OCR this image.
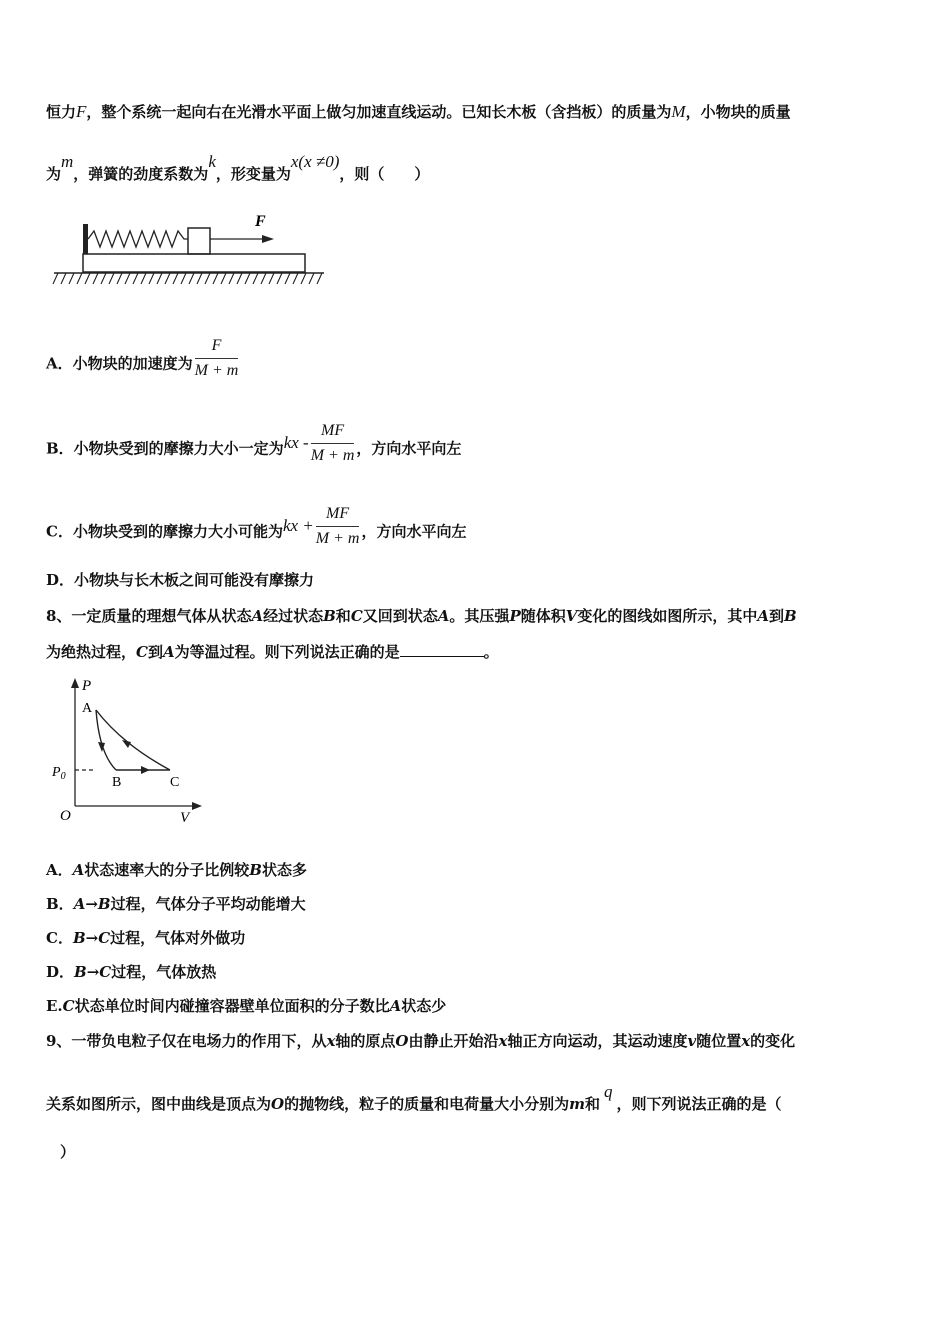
恒力F，整个系统一起向右在光滑水平面上做匀加速直线运动。已知长木板（含挡板）的质量为M，小物块的质量
为m，弹簧的劲度系数为k，形变量为x(x ≠0)，则（　　）
F
A．小物块的加速度为 $\frac{F}{M + m}$
B．小物块受到的摩擦力大小一定为kx - $\frac{MF}{M + m}$ ，方向水平向左
C．小物块受到的摩擦力大小可能为kx + $\frac{MF}{M + m}$ ，方向水平向左
D．小物块与长木板之间可能没有摩擦力
8、一定质量的理想气体从状态A经过状态B和C又回到状态A。其压强P随体积V变化的图线如图所示，其中A到B
为绝热过程，C到A为等温过程。则下列说法正确的是	。
P
V
O
$P_0$
A
B	C
A．A状态速率大的分子比例较B状态多
B．A→B过程，气体分子平均动能增大
C．B→C过程，气体对外做功
D．B→C过程，气体放热
E.C状态单位时间内碰撞容器壁单位面积的分子数比A状态少
9、一带负电粒子仅在电场力的作用下，从x轴的原点O由静止开始沿x轴正方向运动，其运动速度v随位置x的变化
关系如图所示，图中曲线是顶点为O的抛物线，粒子的质量和电荷量大小分别为m和q，则下列说法正确的是（
）
